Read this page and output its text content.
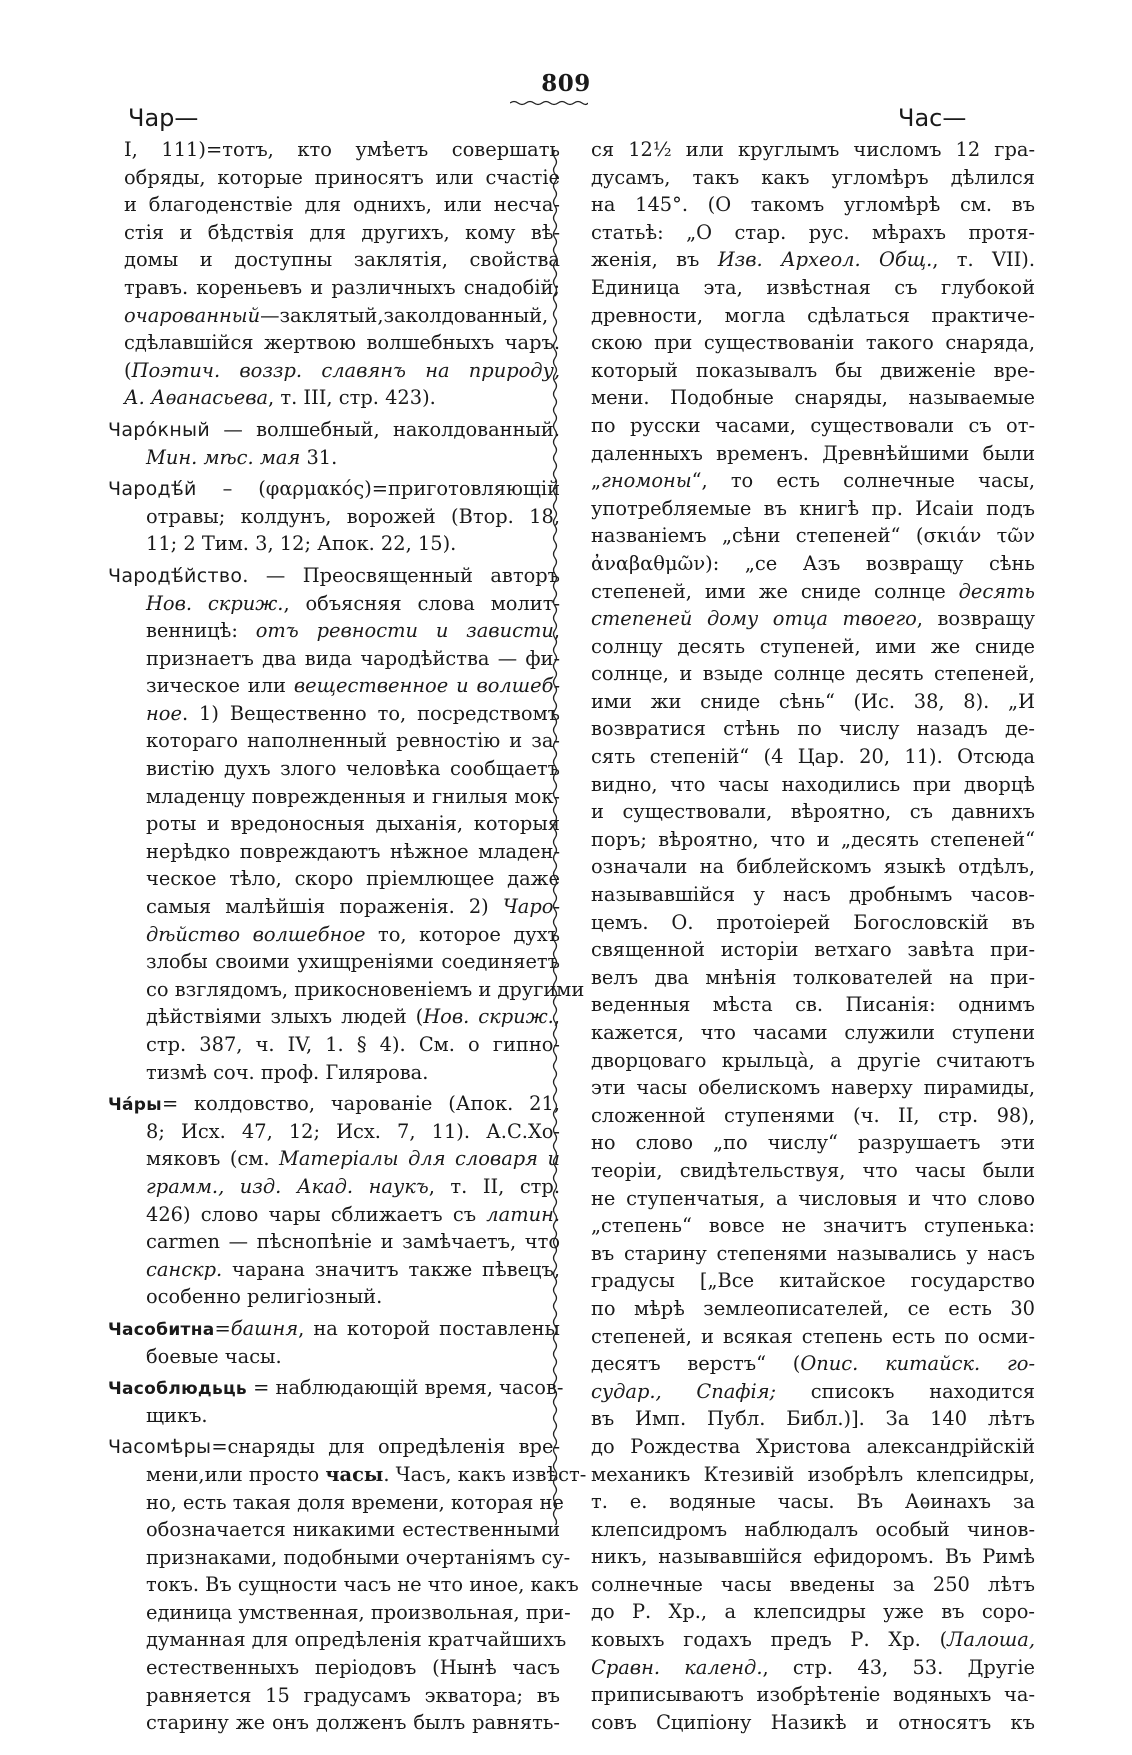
809
Чар—	Час—
I, 111)=тотъ, кто умѣетъ совершать
обряды, которые приносятъ или счастіе
и благоденствіе для однихъ, или несча-
стія и бѣдствія для другихъ, кому вѣ-
домы и доступны заклятія, свойства
травъ. кореньевъ и различныхъ снадобій;
очарованный—заклятый,заколдованный,
сдѣлавшійся жертвою волшебныхъ чаръ.
(Поэтич. воззр. славянъ на природу,
А. Аѳанасьева, т. III, стр. 423).
Чарóкный — волшебный, наколдованный.
Мин. мѣс. мая 31.
Чародѣ́й – (φαρμακός)=приготовляющій
отравы; колдунъ, ворожей (Втор. 18,
11; 2 Тим. 3, 12; Апок. 22, 15).
Чародѣ́йство. — Преосвященный авторъ
Нов. скриж., объясняя слова молит-
венницѣ: отъ ревности и зависти,
признаетъ два вида чародѣйства — фи-
зическое или вещественное и волшеб-
ное. 1) Вещественно то, посредствомъ
котораго наполненный ревностію и за-
вистію духъ злого человѣка сообщаетъ
младенцу поврежденныя и гнилыя мок-
роты и вредоносныя дыханія, которыя
нерѣдко повреждаютъ нѣжное младен-
ческое тѣло, скоро пріемлющее даже
самыя малѣйшія пораженія. 2) Чаро-
дѣйство волшебное то, которое духъ
злобы своими ухищреніями соединяетъ
со взглядомъ, прикосновеніемъ и другими
дѣйствіями злыхъ людей (Нов. скриж.,
стр. 387, ч. IV, 1. § 4). См. о гипно-
тизмѣ соч. проф. Гилярова.
Чáры= колдовство, чарованіе (Апок. 21,
8; Исх. 47, 12; Исх. 7, 11). А.С.Хо-
мяковъ (см. Матеріалы для словаря и
грамм., изд. Акад. наукъ, т. II, стр.
426) слово чары сближаетъ съ латин.
carmen — пѣснопѣніе и замѣчаетъ, что
санскр. чарана значитъ также пѣвецъ,
особенно религіозный.
Часобитна=башня, на которой поставлены
боевые часы.
Часоблюдьць = наблюдающій время, часов-
щикъ.
Часомѣры=снаряды для опредѣленія вре-
мени,или просто часы. Часъ, какъ извѣст-
но, есть такая доля времени, которая не
обозначается никакими естественными
признаками, подобными очертаніямъ су-
токъ. Въ сущности часъ не что иное, какъ
единица умственная, произвольная, при-
думанная для опредѣленія кратчайшихъ
естественныхъ періодовъ (Нынѣ часъ
равняется 15 градусамъ экватора; въ
старину же онъ долженъ былъ равнять-
ся 12½ или круглымъ числомъ 12 гра-
дусамъ, такъ какъ угломѣръ дѣлился
на 145°. (О такомъ угломѣрѣ см. въ
статьѣ: „О стар. рус. мѣрахъ протя-
женія, въ Изв. Археол. Общ., т. VII).
Единица эта, извѣстная съ глубокой
древности, могла сдѣлаться практиче-
скою при существованіи такого снаряда,
который показывалъ бы движеніе вре-
мени. Подобные снаряды, называемые
по русски часами, существовали съ от-
даленныхъ временъ. Древнѣйшими были
„гномоны“, то есть солнечные часы,
употребляемые въ книгѣ пр. Исаіи подъ
названіемъ „сѣни степеней“ (σκιάν τῶν
ἀναβαθμῶν): „се Азъ возвращу сѣнь
степеней, ими же сниде солнце десять
степеней дому отца твоего, возвращу
солнцу десять ступеней, ими же сниде
солнце, и взыде солнце десять степеней,
ими жи сниде сѣнь“ (Ис. 38, 8). „И
возвратися стѣнь по числу назадъ де-
сять степеній“ (4 Цар. 20, 11). Отсюда
видно, что часы находились при дворцѣ
и существовали, вѣроятно, съ давнихъ
поръ; вѣроятно, что и „десять степеней“
означали на библейскомъ языкѣ отдѣлъ,
называвшійся у насъ дробнымъ часов-
цемъ. О. протоіерей Богословскій въ
священной исторіи ветхаго завѣта при-
велъ два мнѣнія толкователей на при-
веденныя мѣста св. Писанія: однимъ
кажется, что часами служили ступени
дворцоваго крыльца̀, а другіе считаютъ
эти часы обелискомъ наверху пирамиды,
сложенной ступенями (ч. II, стр. 98),
но слово „по числу“ разрушаетъ эти
теоріи, свидѣтельствуя, что часы были
не ступенчатыя, а числовыя и что слово
„степень“ вовсе не значитъ ступенька:
въ старину степенями назывались у насъ
градусы [„Все китайское государство
по мѣрѣ землеописателей, се есть 30
степеней, и всякая степень есть по осми-
десятъ верстъ“ (Опис. китайск. го-
судар., Спафія; списокъ находится
въ Имп. Публ. Библ.)]. За 140 лѣтъ
до Рождества Христова александрійскій
механикъ Ктезивій изобрѣлъ клепсидры,
т. е. водяные часы. Въ Аѳинахъ за
клепсидромъ наблюдалъ особый чинов-
никъ, называвшійся ефидоромъ. Въ Римѣ
солнечные часы введены за 250 лѣтъ
до Р. Хр., а клепсидры уже въ соро-
ковыхъ годахъ предъ Р. Хр. (Лалоша,
Сравн. календ., стр. 43, 53. Другіе
приписываютъ изобрѣтеніе водяныхъ ча-
совъ Сципіону Назикѣ и относятъ къ
